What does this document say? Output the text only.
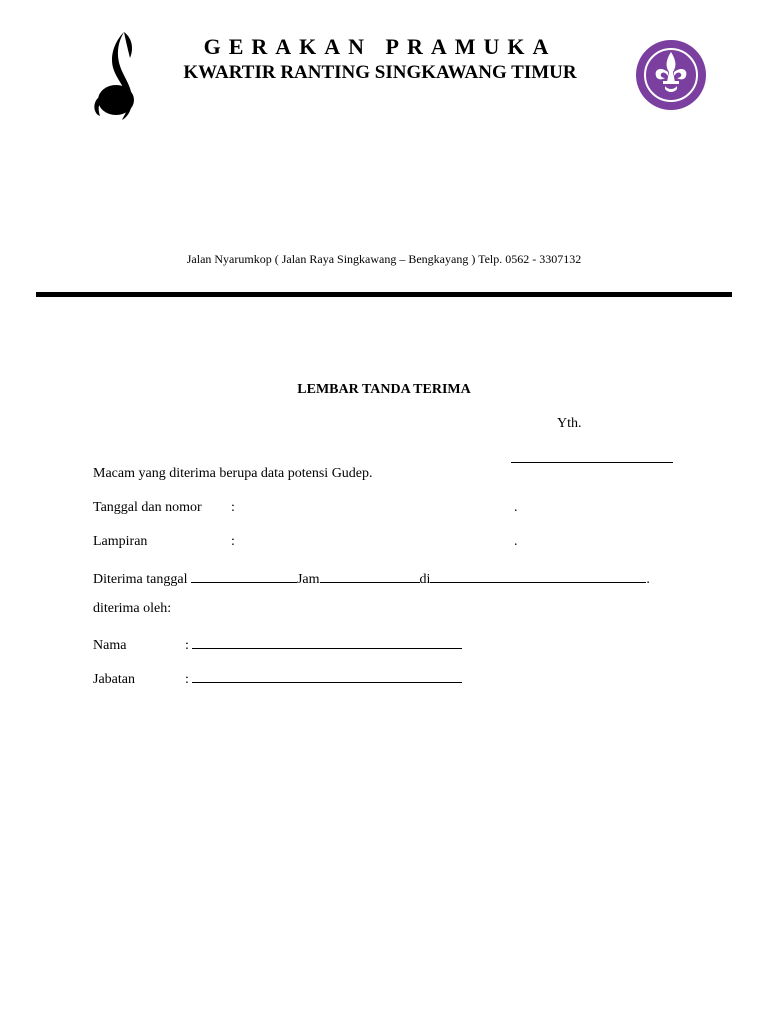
GERAKAN PRAMUKA
KWARTIR RANTING SINGKAWANG TIMUR
Jalan Nyarumkop ( Jalan Raya Singkawang – Bengkayang ) Telp. 0562 - 3307132
LEMBAR TANDA TERIMA
Yth.
Macam yang diterima berupa data potensi Gudep.
Tanggal dan nomor :	.
Lampiran	:	.
Diterima tanggal	Jam	di	.
diterima oleh:
Nama	:
Jabatan	:
